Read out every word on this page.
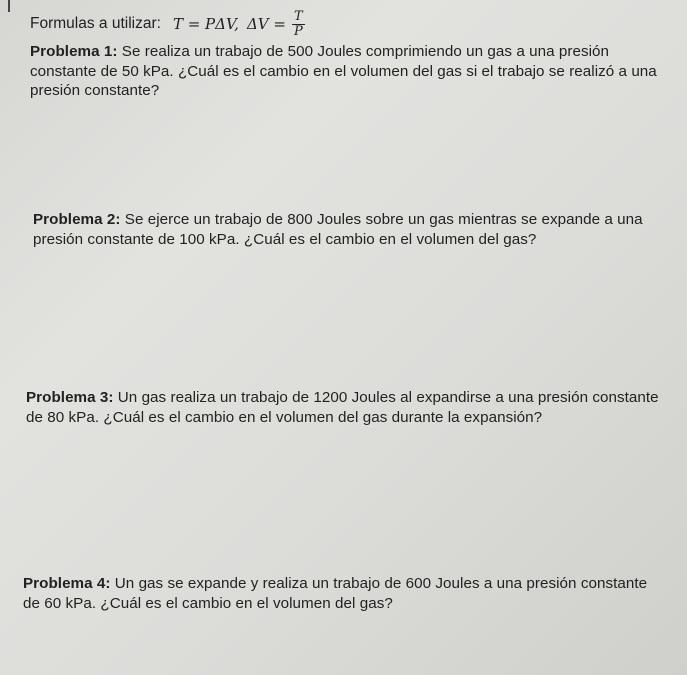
Formulas a utilizar: T = PΔV, $\Delta V = \frac{T}{P}$
Problema 1: Se realiza un trabajo de 500 Joules comprimiendo un gas a una presión constante de 50 kPa. ¿Cuál es el cambio en el volumen del gas si el trabajo se realizó a una presión constante?
Problema 2: Se ejerce un trabajo de 800 Joules sobre un gas mientras se expande a una presión constante de 100 kPa. ¿Cuál es el cambio en el volumen del gas?
Problema 3: Un gas realiza un trabajo de 1200 Joules al expandirse a una presión constante de 80 kPa. ¿Cuál es el cambio en el volumen del gas durante la expansión?
Problema 4: Un gas se expande y realiza un trabajo de 600 Joules a una presión constante de 60 kPa. ¿Cuál es el cambio en el volumen del gas?
